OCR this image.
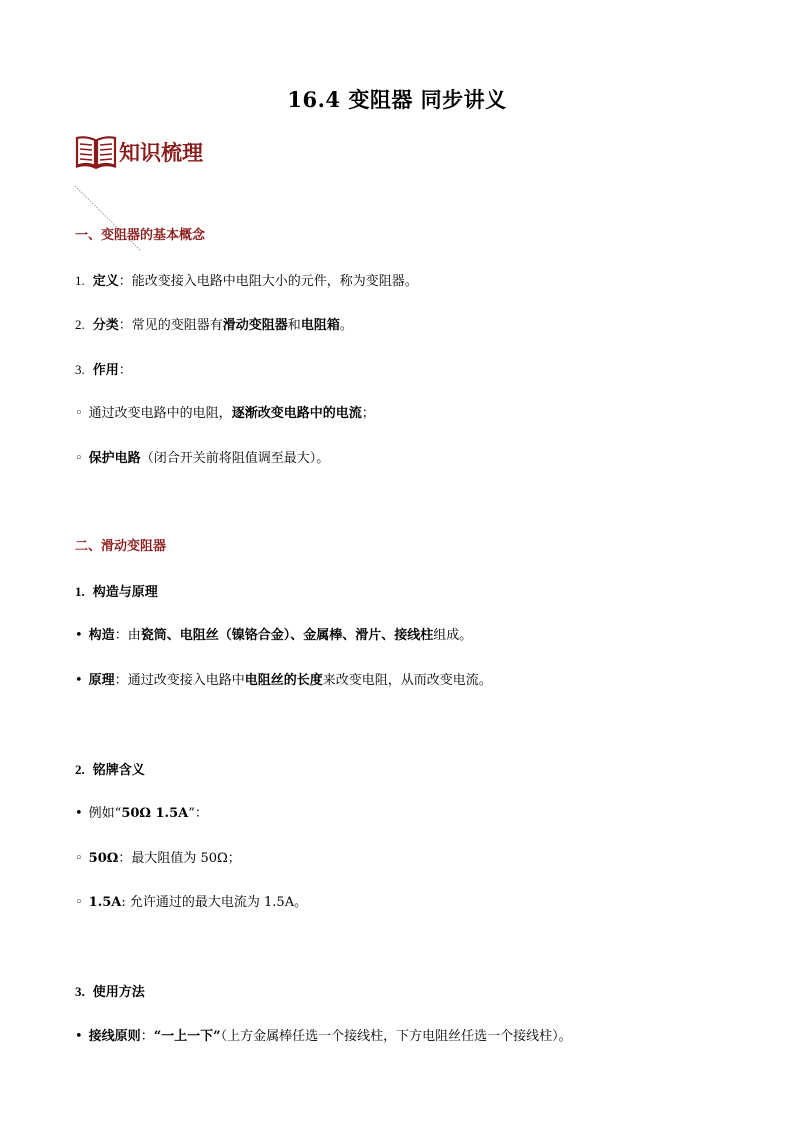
16.4 变阻器 同步讲义
知识梳理
一、变阻器的基本概念
1. 定义：能改变接入电路中电阻大小的元件，称为变阻器。
2. 分类：常见的变阻器有滑动变阻器和电阻箱。
3. 作用：
◦ 通过改变电路中的电阻，逐渐改变电路中的电流；
◦ 保护电路（闭合开关前将阻值调至最大）。
二、滑动变阻器
1. 构造与原理
• 构造：由瓷筒、电阻丝（镍铬合金）、金属棒、滑片、接线柱组成。
• 原理：通过改变接入电路中电阻丝的长度来改变电阻，从而改变电流。
2. 铭牌含义
• 例如“50Ω 1.5A”：
◦ 50Ω：最大阻值为 50Ω；
◦ 1.5A: 允许通过的最大电流为 1.5A。
3. 使用方法
• 接线原则：“一上一下”（上方金属棒任选一个接线柱，下方电阻丝任选一个接线柱）。
